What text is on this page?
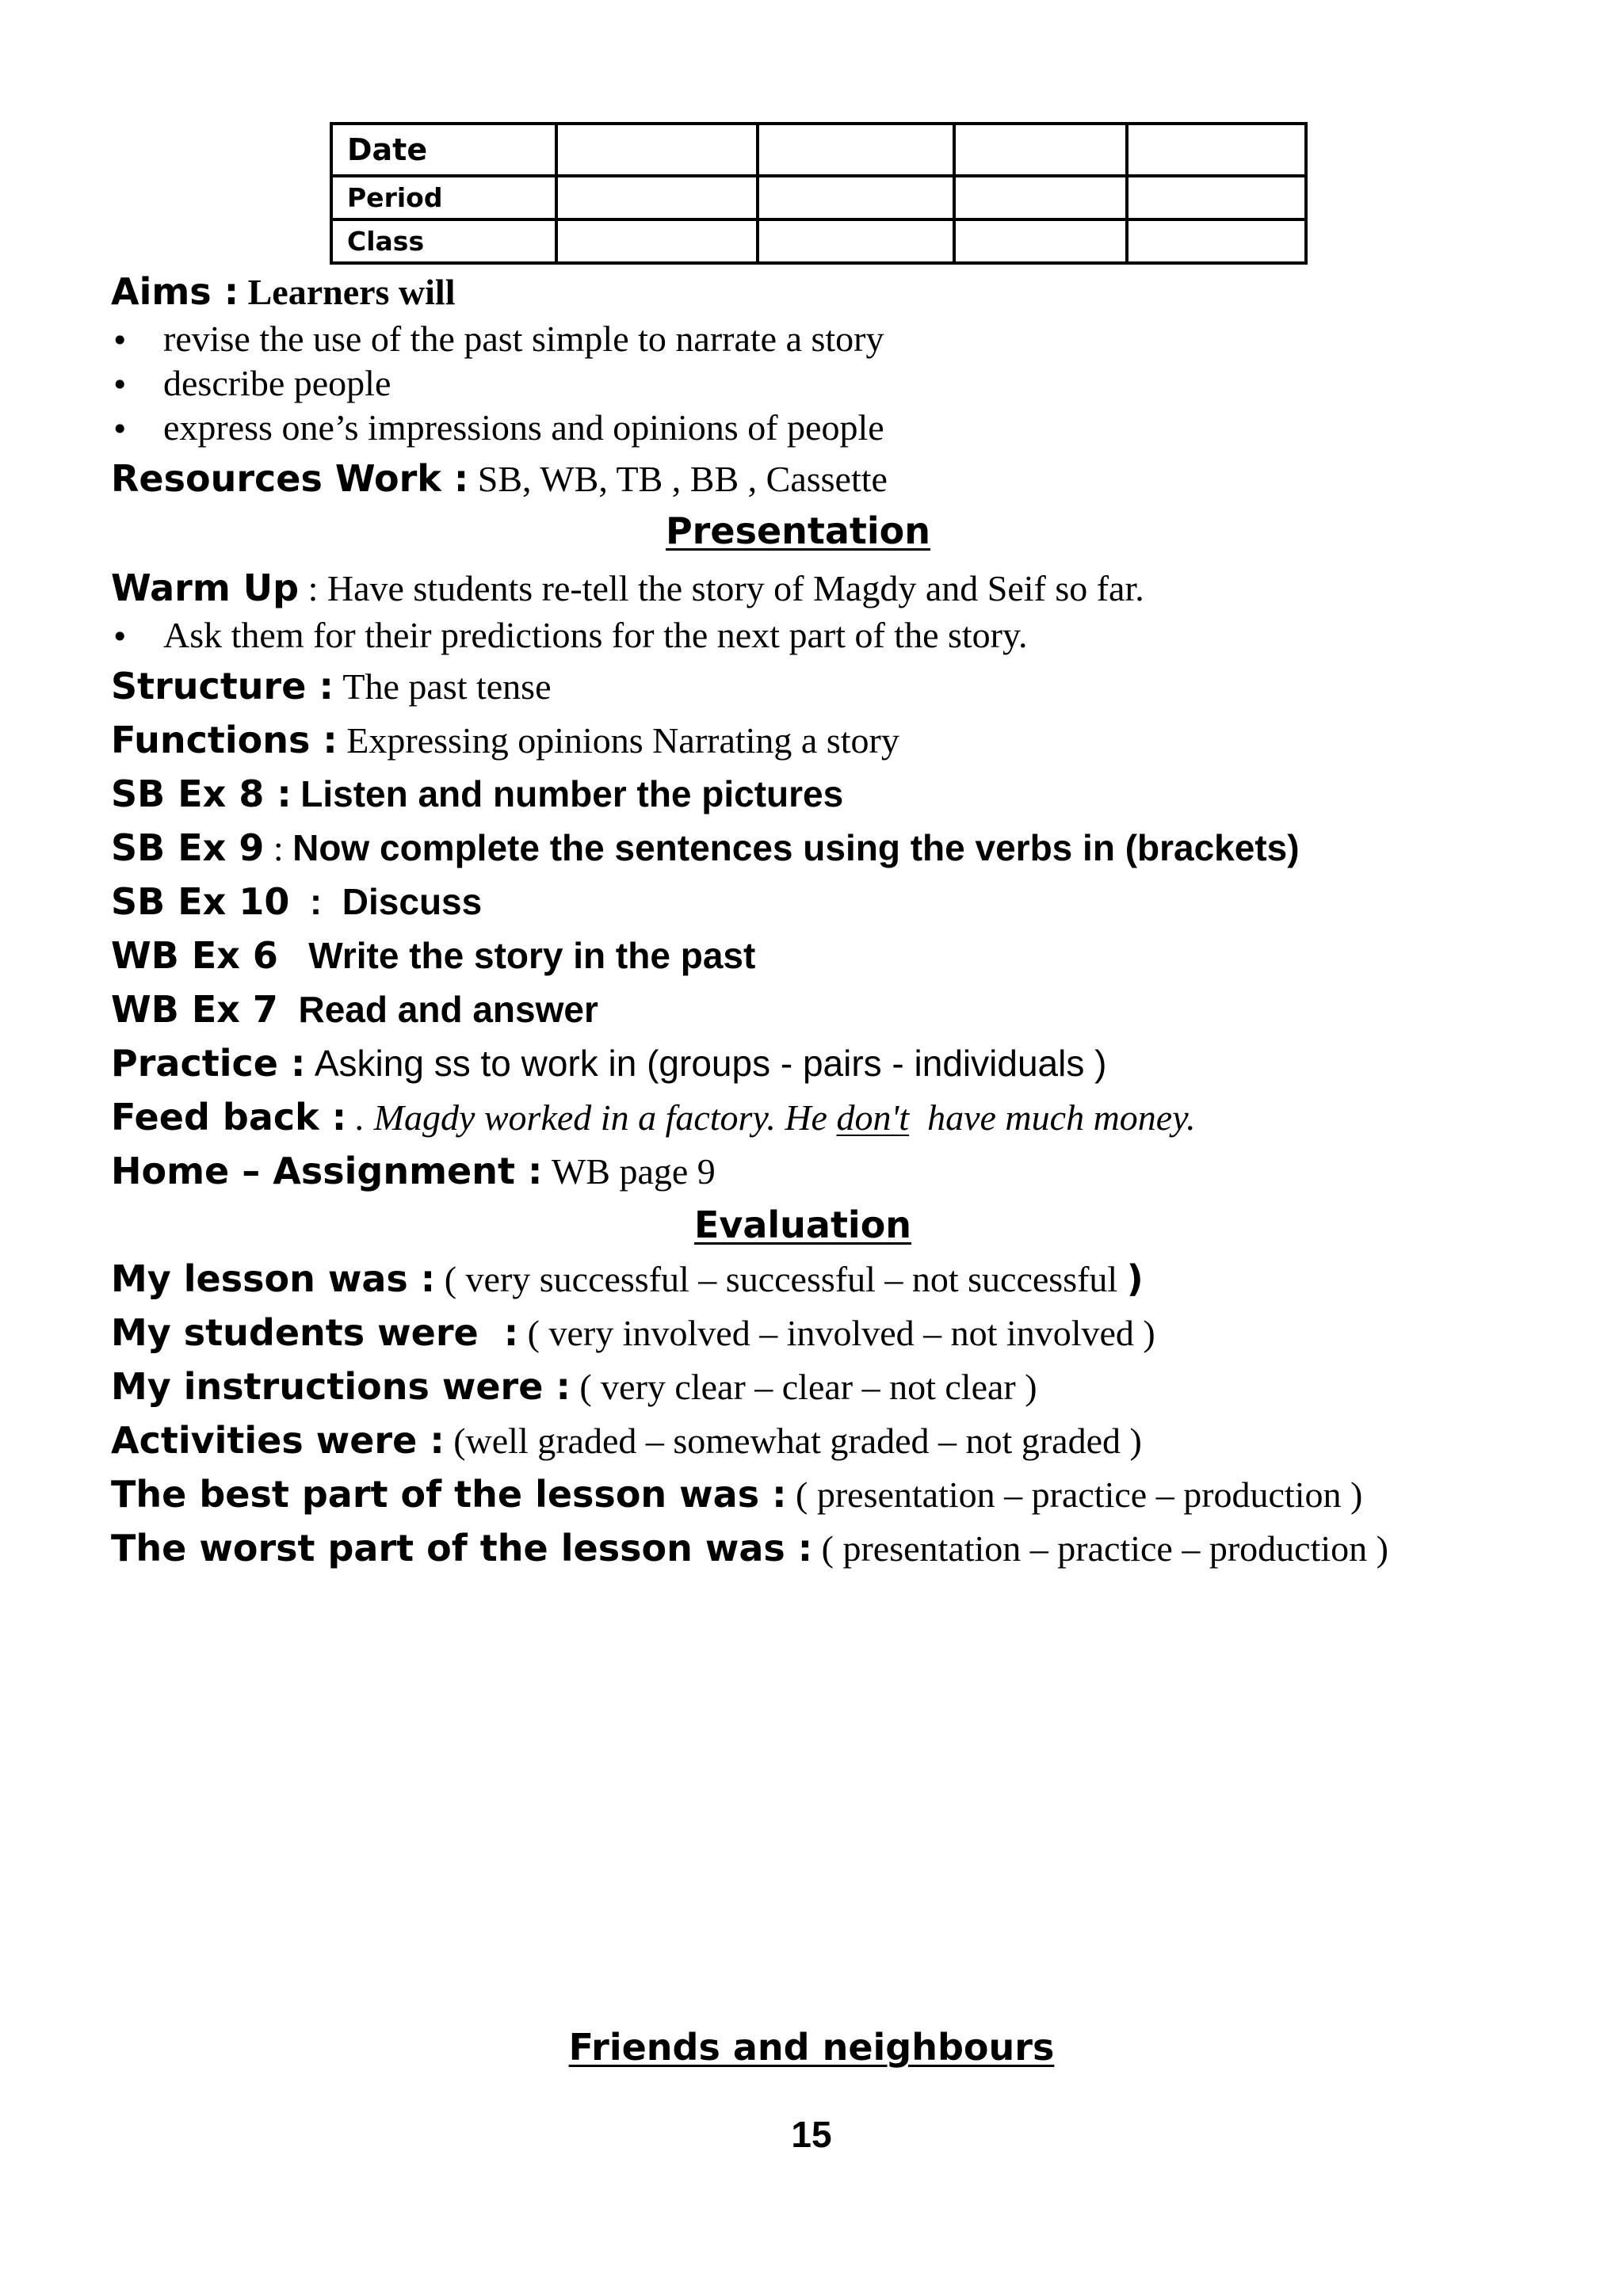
Date				
Period				
Class				
Aims : Learners will
• revise the use of the past simple to narrate a story
• describe people
• express one’s impressions and opinions of people
Resources Work : SB, WB, TB , BB , Cassette
Presentation
Warm Up : Have students re-tell the story of Magdy and Seif so far.
• Ask them for their predictions for the next part of the story.
Structure : The past tense
Functions : Expressing opinions Narrating a story
SB Ex 8 : Listen and number the pictures
SB Ex 9 : Now complete the sentences using the verbs in (brackets)
SB Ex 10  :  Discuss
WB Ex 6 Write the story in the past
WB Ex 7 Read and answer
Practice : Asking ss to work in (groups - pairs - individuals )
Feed back : . Magdy worked in a factory. He don't  have much money.
Home – Assignment : WB page 9
Evaluation
My lesson was : ( very successful – successful – not successful )
My students were  : ( very involved – involved – not involved )
My instructions were : ( very clear – clear – not clear )
Activities were : (well graded – somewhat graded – not graded )
The best part of the lesson was : ( presentation – practice – production )
The worst part of the lesson was : ( presentation – practice – production )
Friends and neighbours
15
